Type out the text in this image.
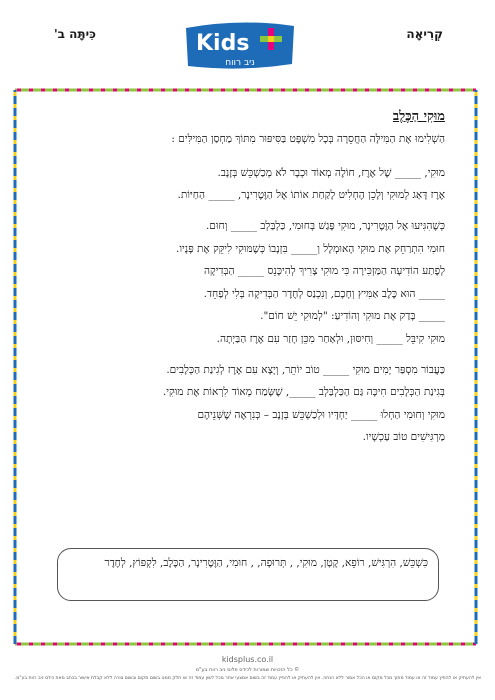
קְרִיאָה
כִּיתָּה ב'	Kids
ניב רווח

מוּקִי הַכֶּלֶב

הַשְׁלִימוּ אֶת הַמִּילָּה הַחֲסֵרָה בְּכָל מִשְׁפָּט בַּסִּיפּוּר מִתּוֹךְ מַחְסַן הַמִּילִּים :

מוּקִי, _____ שֶׁל אֶרֶז, חוֹלֶה מְאוֹד וּכְבָר לֹא מְכַשְׁכֵּשׁ בְּזָנָב.

אֶרֶז דָּאַג לְמוּקִי וְלָכֵן הֶחְלִיט לָקַחַת אוֹתוֹ אֶל הַוֶּטֶרִינָר, _____ הַחַיּוֹת.

כְּשֶׁהִגִּיעוּ אֶל הַוֶּטֶרִינָר, מוּקִי פָּגַשׁ בְּחוּמִי, כַּלְבַּלְב _____ וְחוּם.

חוּמִי הִתְרַחֵק אֶת מוּקִי הָאוּמְלָל וְ_____ בִּזְנָבוֹ כְּשֶׁמּוּקִי לִיקֵּק אֶת פָּנָיו.

לְפֶתַע הוֹדִיעָה הַמַּזְכִּירָה כִּי מוּקִי צָרִיךְ לְהִיכָּנֵס _____ הַבְּדִיקָה

_____ הוּא כֶּלֶב אַמִּיץ וְחָכָם, וְנִכְנַס לְחֶדֶר הַבְּדִיקָה בְּלִי לְפַחֵד.

_____ בָּדַק אֶת מוּקִי וְהוֹדִיעַ: "לְמוּקִי יֵשׁ חוֹם".

מוּקִי קִיבֵּל _____ וְחִיסּוּן, וּלְאַחַר מִכֵּן חָזַר עִם אֶרֶז הַבַּיְתָה.

כַּעֲבוֹר מִסְפַּר יָמִים מוּקִי _____ טוֹב יוֹתֵר, וְיָצָא עִם אֶרֶז לְגִינַת הַכְּלָבִים.

בְּגִינַת הַכְּלָבִים חִיכָּה גַּם הַכַּלְבַּלְב _____, שֶׁשָּׂמַח מְאוֹד לִרְאוֹת אֶת מוּקִי.

מוּקִי וְחוּמִי הַחְלוּ _____ יַחְדָּיו וּלְכַשְׁכֵּשׁ בְּזָנָב – כְּנִרְאֶה שֶׁשְּׁנֵיהֶם

מַרְגִּישִׁים טוֹב עַכְשָׁיו.

כִּשְׁכֵּשׁ, הִרְגִּישׁ, רוֹפֵא, קָטָן, מוּקִי, , תְּרוּפָה, , חוּמִי, הַוֶּטֶרִינָר, הַכֶּלֶב, לִקְפּוֹץ, לְחֶדֶר
kidsplus.co.il
© כל הזכויות שמורות לכידס פלוס ניב רווח בע"מ
אין להעתיק או להפיץ עמוד זה או עמוד מתוך מכל מקום או הכל אסור ללא הנחה. אין להעתיק או להפיץ עמוד זה בשום אמצעי אחר מכל לשון עמוד זה או חלק ממנו בשום מקום ובשום צורה ללא קבלת אישור בכתב מאת כידס ניב רווח בע"מ.
